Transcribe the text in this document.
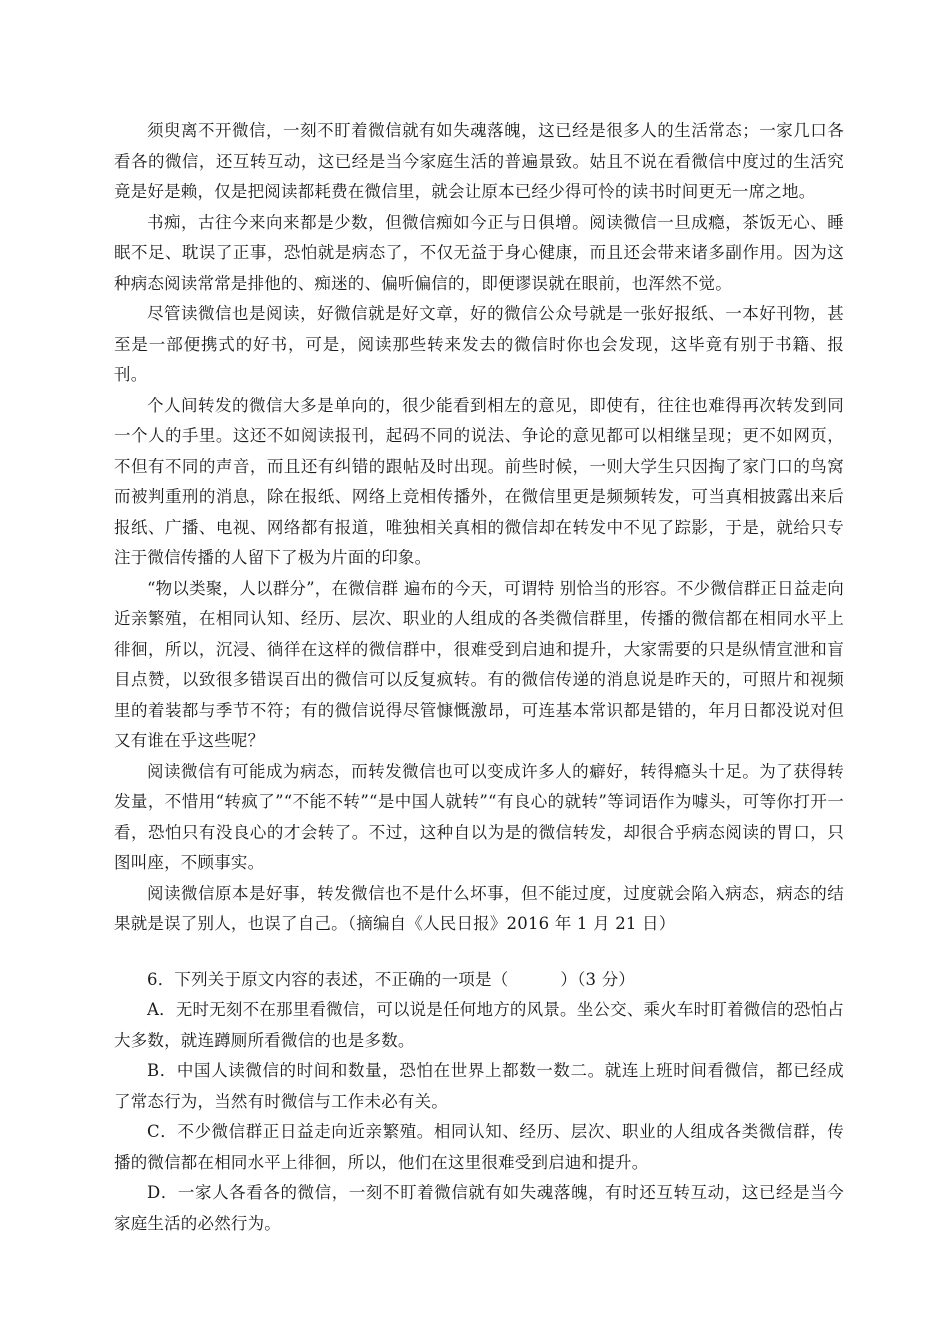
须臾离不开微信，一刻不盯着微信就有如失魂落魄，这已经是很多人的生活常态；一家几口各看各的微信，还互转互动，这已经是当今家庭生活的普遍景致。姑且不说在看微信中度过的生活究竟是好是赖，仅是把阅读都耗费在微信里，就会让原本已经少得可怜的读书时间更无一席之地。

书痴，古往今来向来都是少数，但微信痴如今正与日俱增。阅读微信一旦成瘾，茶饭无心、睡眠不足、耽误了正事，恐怕就是病态了，不仅无益于身心健康，而且还会带来诸多副作用。因为这种病态阅读常常是排他的、痴迷的、偏听偏信的，即便谬误就在眼前，也浑然不觉。

尽管读微信也是阅读，好微信就是好文章，好的微信公众号就是一张好报纸、一本好刊物，甚至是一部便携式的好书，可是，阅读那些转来发去的微信时你也会发现，这毕竟有别于书籍、报刊。

个人间转发的微信大多是单向的，很少能看到相左的意见，即使有，往往也难得再次转发到同一个人的手里。这还不如阅读报刊，起码不同的说法、争论的意见都可以相继呈现；更不如网页，不但有不同的声音，而且还有纠错的跟帖及时出现。前些时候，一则大学生只因掏了家门口的鸟窝而被判重刑的消息，除在报纸、网络上竞相传播外，在微信里更是频频转发，可当真相披露出来后报纸、广播、电视、网络都有报道，唯独相关真相的微信却在转发中不见了踪影，于是，就给只专注于微信传播的人留下了极为片面的印象。

“物以类聚，人以群分”，在微信群 遍布的今天，可谓特 别恰当的形容。不少微信群正日益走向近亲繁殖，在相同认知、经历、层次、职业的人组成的各类微信群里，传播的微信都在相同水平上徘徊，所以，沉浸、徜徉在这样的微信群中，很难受到启迪和提升，大家需要的只是纵情宣泄和盲目点赞，以致很多错误百出的微信可以反复疯转。有的微信传递的消息说是昨天的，可照片和视频里的着装都与季节不符；有的微信说得尽管慷慨激昂，可连基本常识都是错的，年月日都没说对但又有谁在乎这些呢？

阅读微信有可能成为病态，而转发微信也可以变成许多人的癖好，转得瘾头十足。为了获得转发量，不惜用“转疯了”“不能不转”“是中国人就转”“有良心的就转”等词语作为噱头，可等你打开一看，恐怕只有没良心的才会转了。不过，这种自以为是的微信转发，却很合乎病态阅读的胃口，只图叫座，不顾事实。

阅读微信原本是好事，转发微信也不是什么坏事，但不能过度，过度就会陷入病态，病态的结果就是误了别人，也误了自己。（摘编自《人民日报》2016 年 1 月 21 日）

6．下列关于原文内容的表述，不正确的一项是（	）（3 分）

A．无时无刻不在那里看微信，可以说是任何地方的风景。坐公交、乘火车时盯着微信的恐怕占大多数，就连蹲厕所看微信的也是多数。

B．中国人读微信的时间和数量，恐怕在世界上都数一数二。就连上班时间看微信，都已经成了常态行为，当然有时微信与工作未必有关。

C．不少微信群正日益走向近亲繁殖。相同认知、经历、层次、职业的人组成各类微信群，传播的微信都在相同水平上徘徊，所以，他们在这里很难受到启迪和提升。

D．一家人各看各的微信，一刻不盯着微信就有如失魂落魄，有时还互转互动，这已经是当今家庭生活的必然行为。
